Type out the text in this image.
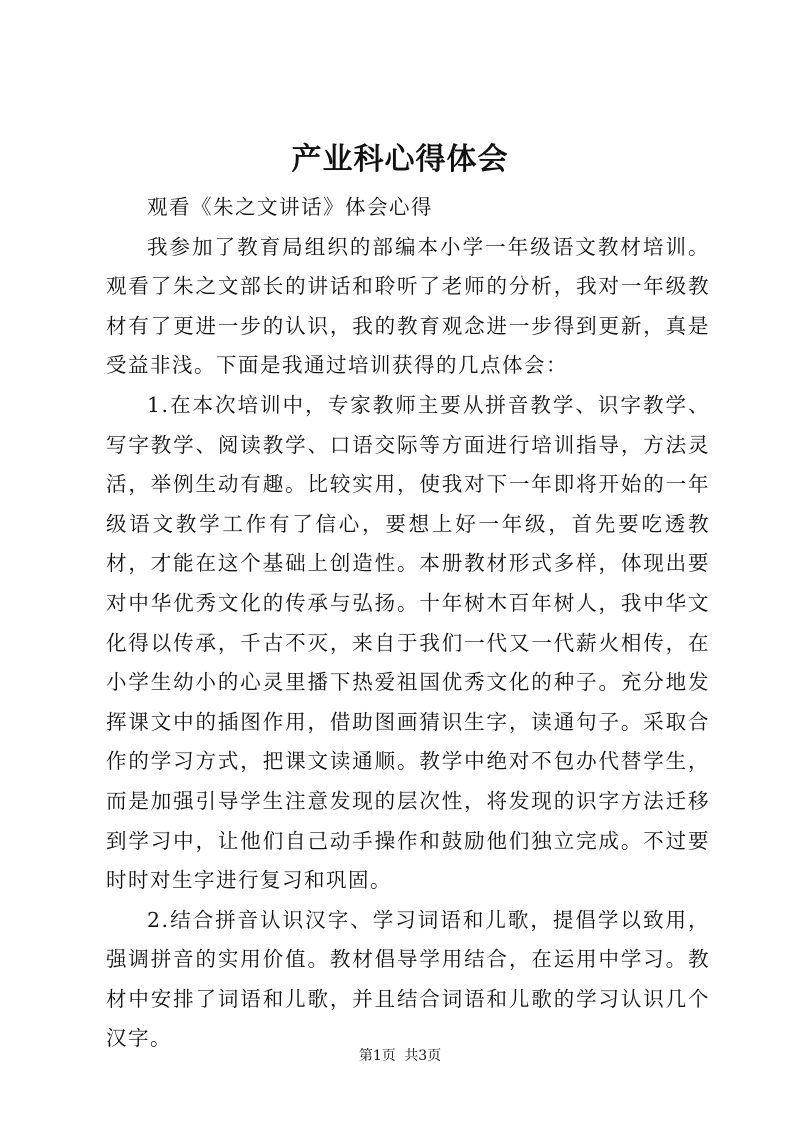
产业科心得体会

观看《朱之文讲话》体会心得

我参加了教育局组织的部编本小学一年级语文教材培训。观看了朱之文部长的讲话和聆听了老师的分析，我对一年级教材有了更进一步的认识，我的教育观念进一步得到更新，真是受益非浅。下面是我通过培训获得的几点体会：

1.在本次培训中，专家教师主要从拼音教学、识字教学、写字教学、阅读教学、口语交际等方面进行培训指导，方法灵活，举例生动有趣。比较实用，使我对下一年即将开始的一年级语文教学工作有了信心，要想上好一年级，首先要吃透教材，才能在这个基础上创造性。本册教材形式多样，体现出要对中华优秀文化的传承与弘扬。十年树木百年树人，我中华文化得以传承，千古不灭，来自于我们一代又一代薪火相传，在小学生幼小的心灵里播下热爱祖国优秀文化的种子。充分地发挥课文中的插图作用，借助图画猜识生字，读通句子。采取合作的学习方式，把课文读通顺。教学中绝对不包办代替学生，而是加强引导学生注意发现的层次性，将发现的识字方法迁移到学习中，让他们自己动手操作和鼓励他们独立完成。不过要时时对生字进行复习和巩固。

2.结合拼音认识汉字、学习词语和儿歌，提倡学以致用，强调拼音的实用价值。教材倡导学用结合，在运用中学习。教材中安排了词语和儿歌，并且结合词语和儿歌的学习认识几个汉字。

第1页 共3页
